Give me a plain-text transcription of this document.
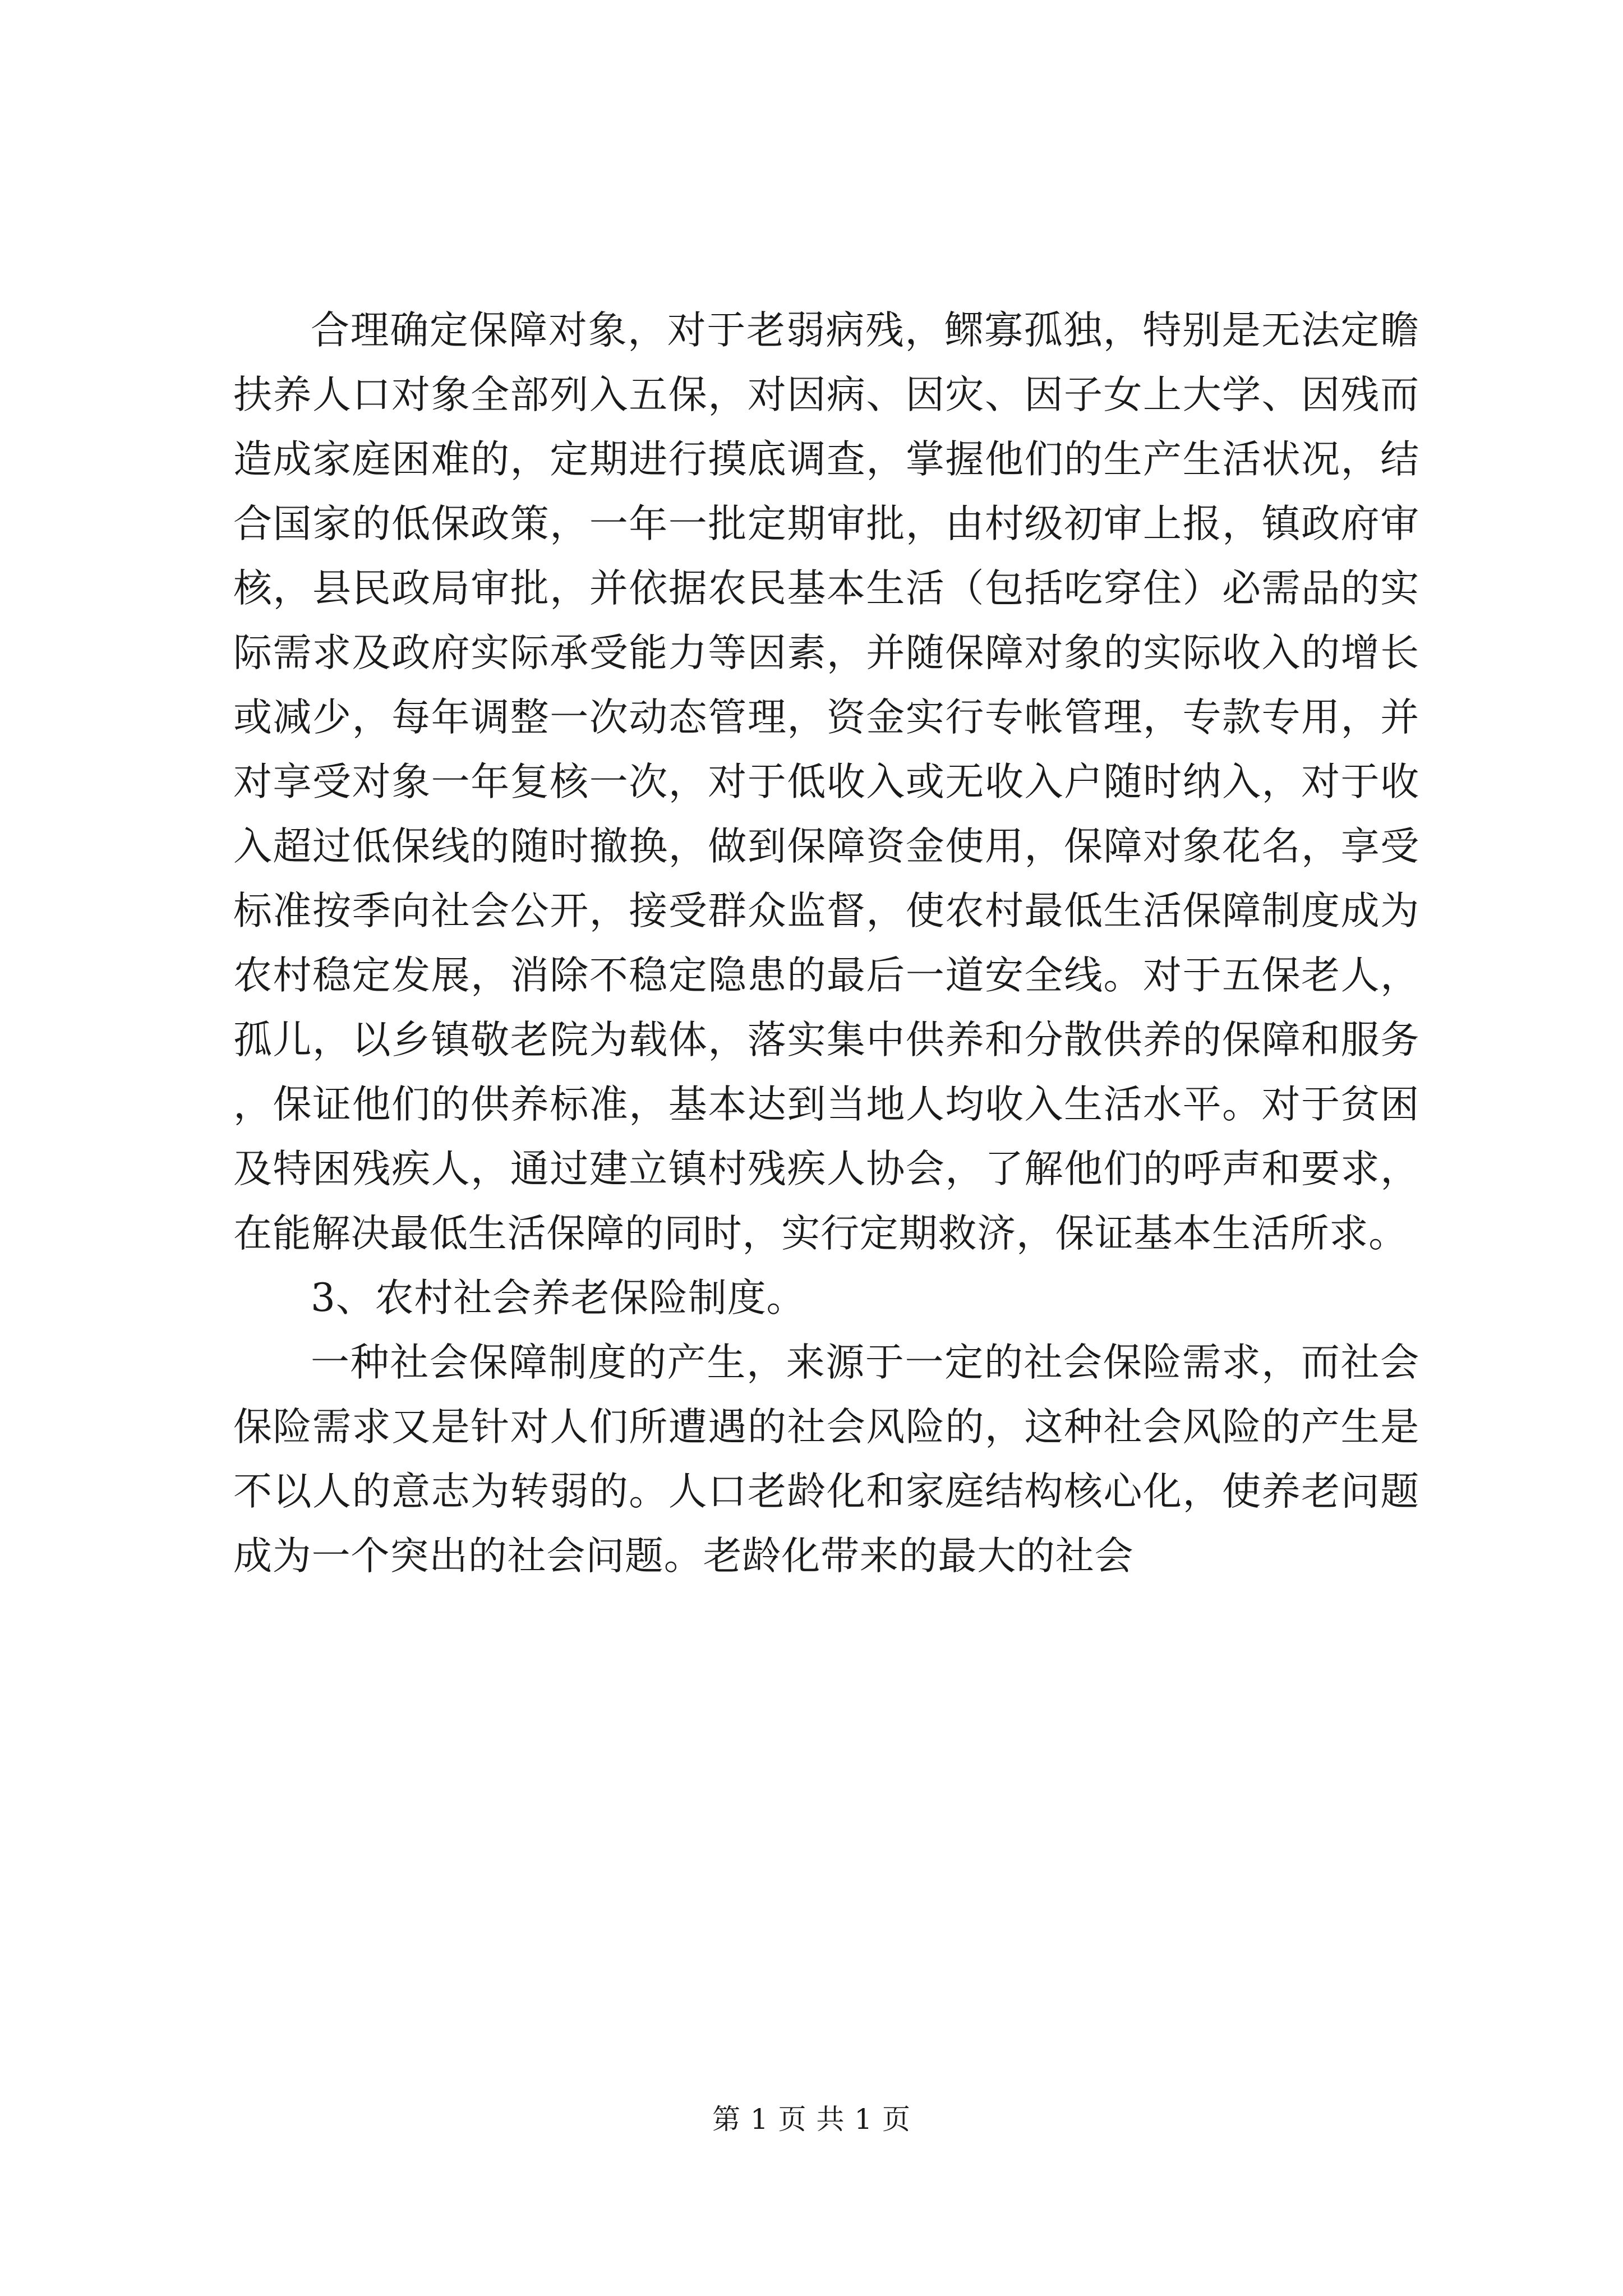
合理确定保障对象，对于老弱病残，鳏寡孤独，特别是无法定瞻扶养人口对象全部列入五保，对因病、因灾、因子女上大学、因残而造成家庭困难的，定期进行摸底调查，掌握他们的生产生活状况，结合国家的低保政策，一年一批定期审批，由村级初审上报，镇政府审核，县民政局审批，并依据农民基本生活（包括吃穿住）必需品的实际需求及政府实际承受能力等因素，并随保障对象的实际收入的增长或减少，每年调整一次动态管理，资金实行专帐管理，专款专用，并对享受对象一年复核一次，对于低收入或无收入户随时纳入，对于收入超过低保线的随时撤换，做到保障资金使用，保障对象花名，享受标准按季向社会公开，接受群众监督，使农村最低生活保障制度成为农村稳定发展，消除不稳定隐患的最后一道安全线。对于五保老人，孤儿，以乡镇敬老院为载体，落实集中供养和分散供养的保障和服务，保证他们的供养标准，基本达到当地人均收入生活水平。对于贫困及特困残疾人，通过建立镇村残疾人协会，了解他们的呼声和要求，在能解决最低生活保障的同时，实行定期救济，保证基本生活所求。

3、农村社会养老保险制度。

一种社会保障制度的产生，来源于一定的社会保险需求，而社会保险需求又是针对人们所遭遇的社会风险的，这种社会风险的产生是不以人的意志为转弱的。人口老龄化和家庭结构核心化，使养老问题成为一个突出的社会问题。老龄化带来的最大的社会

第 1 页 共 1 页
